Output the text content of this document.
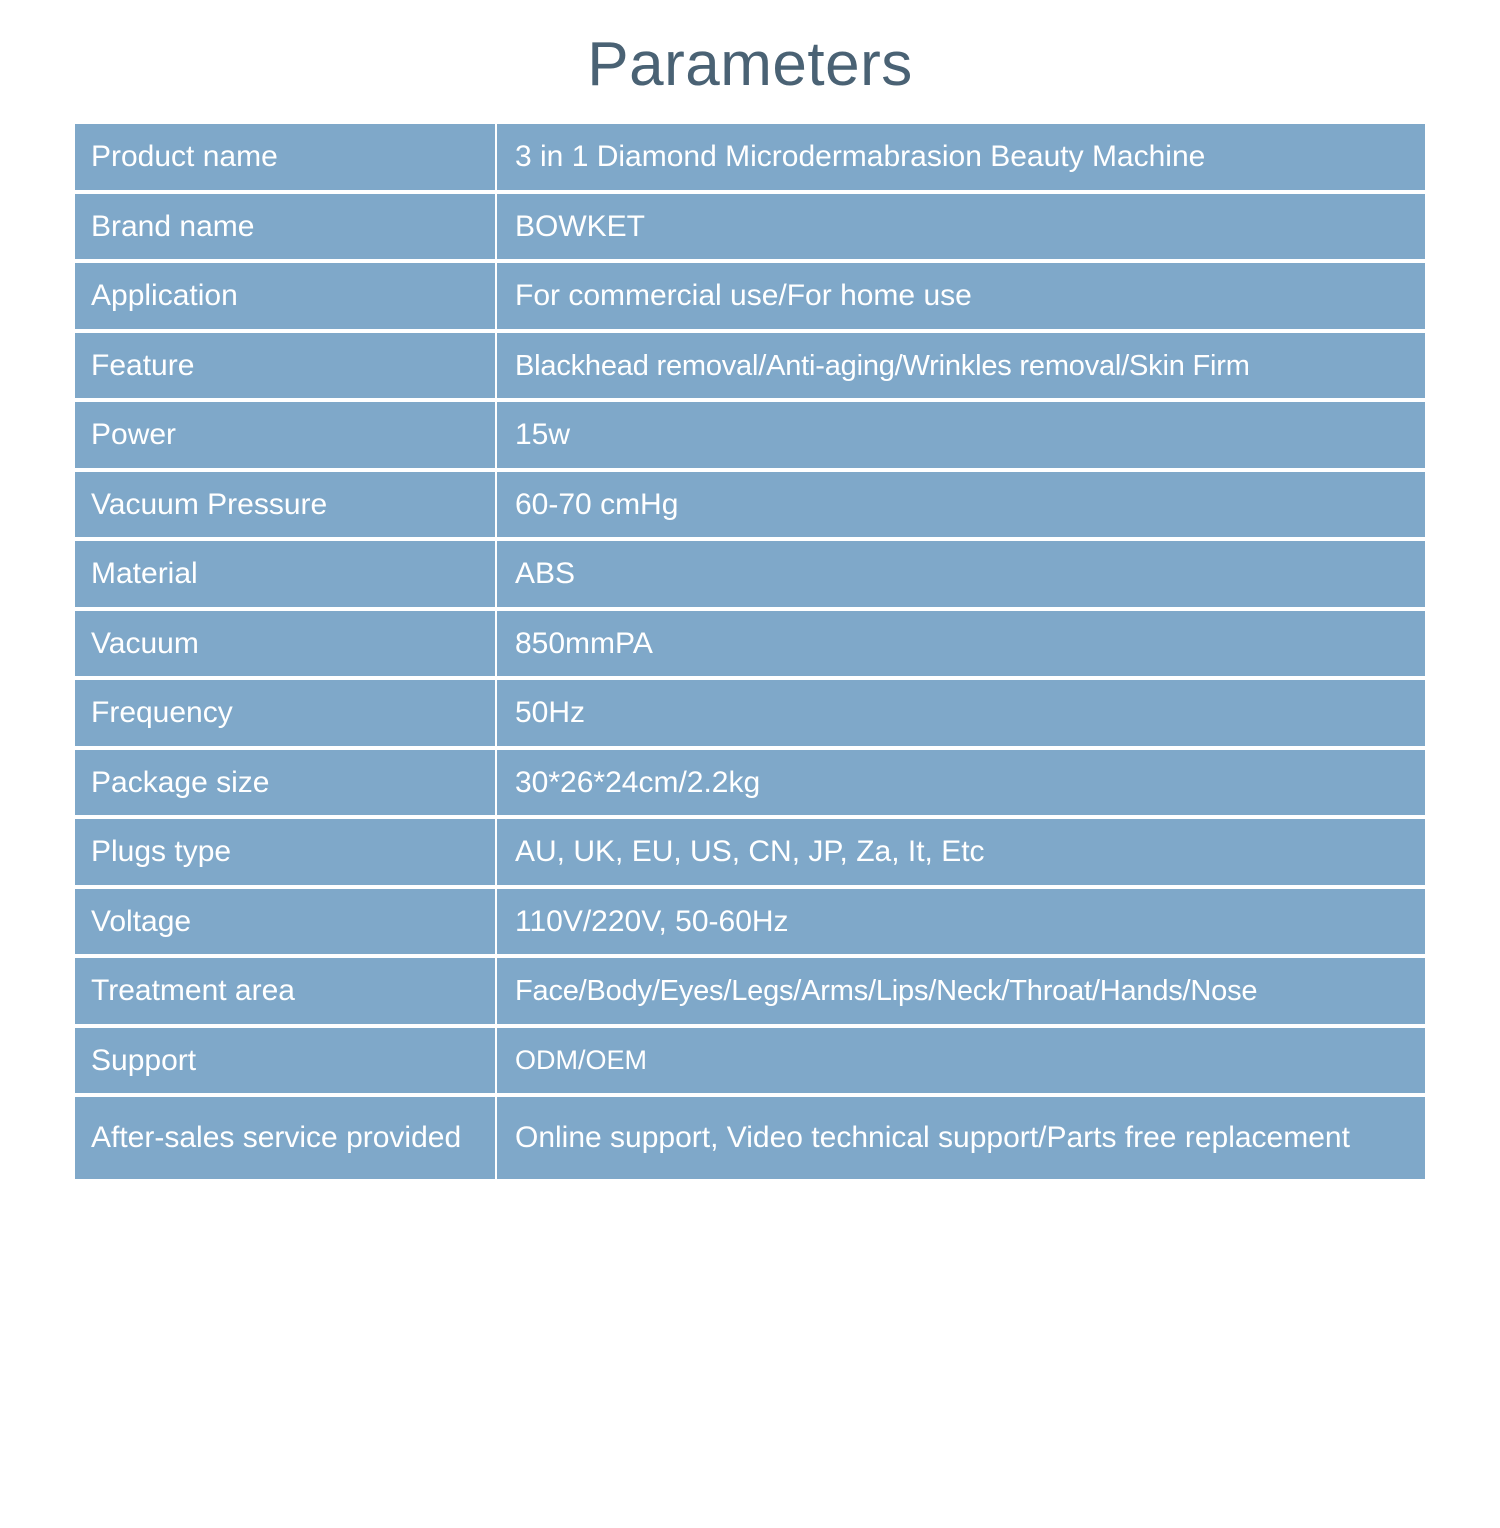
Parameters
Product name	3 in 1 Diamond Microdermabrasion Beauty Machine
Brand name	BOWKET
Application	For commercial use/For home use
Feature	Blackhead removal/Anti-aging/Wrinkles removal/Skin Firm
Power	15w
Vacuum Pressure	60-70 cmHg
Material	ABS
Vacuum	850mmPA
Frequency	50Hz
Package size	30*26*24cm/2.2kg
Plugs type	AU, UK, EU, US, CN, JP, Za, It, Etc
Voltage	110V/220V, 50-60Hz
Treatment area	Face/Body/Eyes/Legs/Arms/Lips/Neck/Throat/Hands/Nose
Support	ODM/OEM
After-sales service provided	Online support, Video technical support/Parts free replacement
